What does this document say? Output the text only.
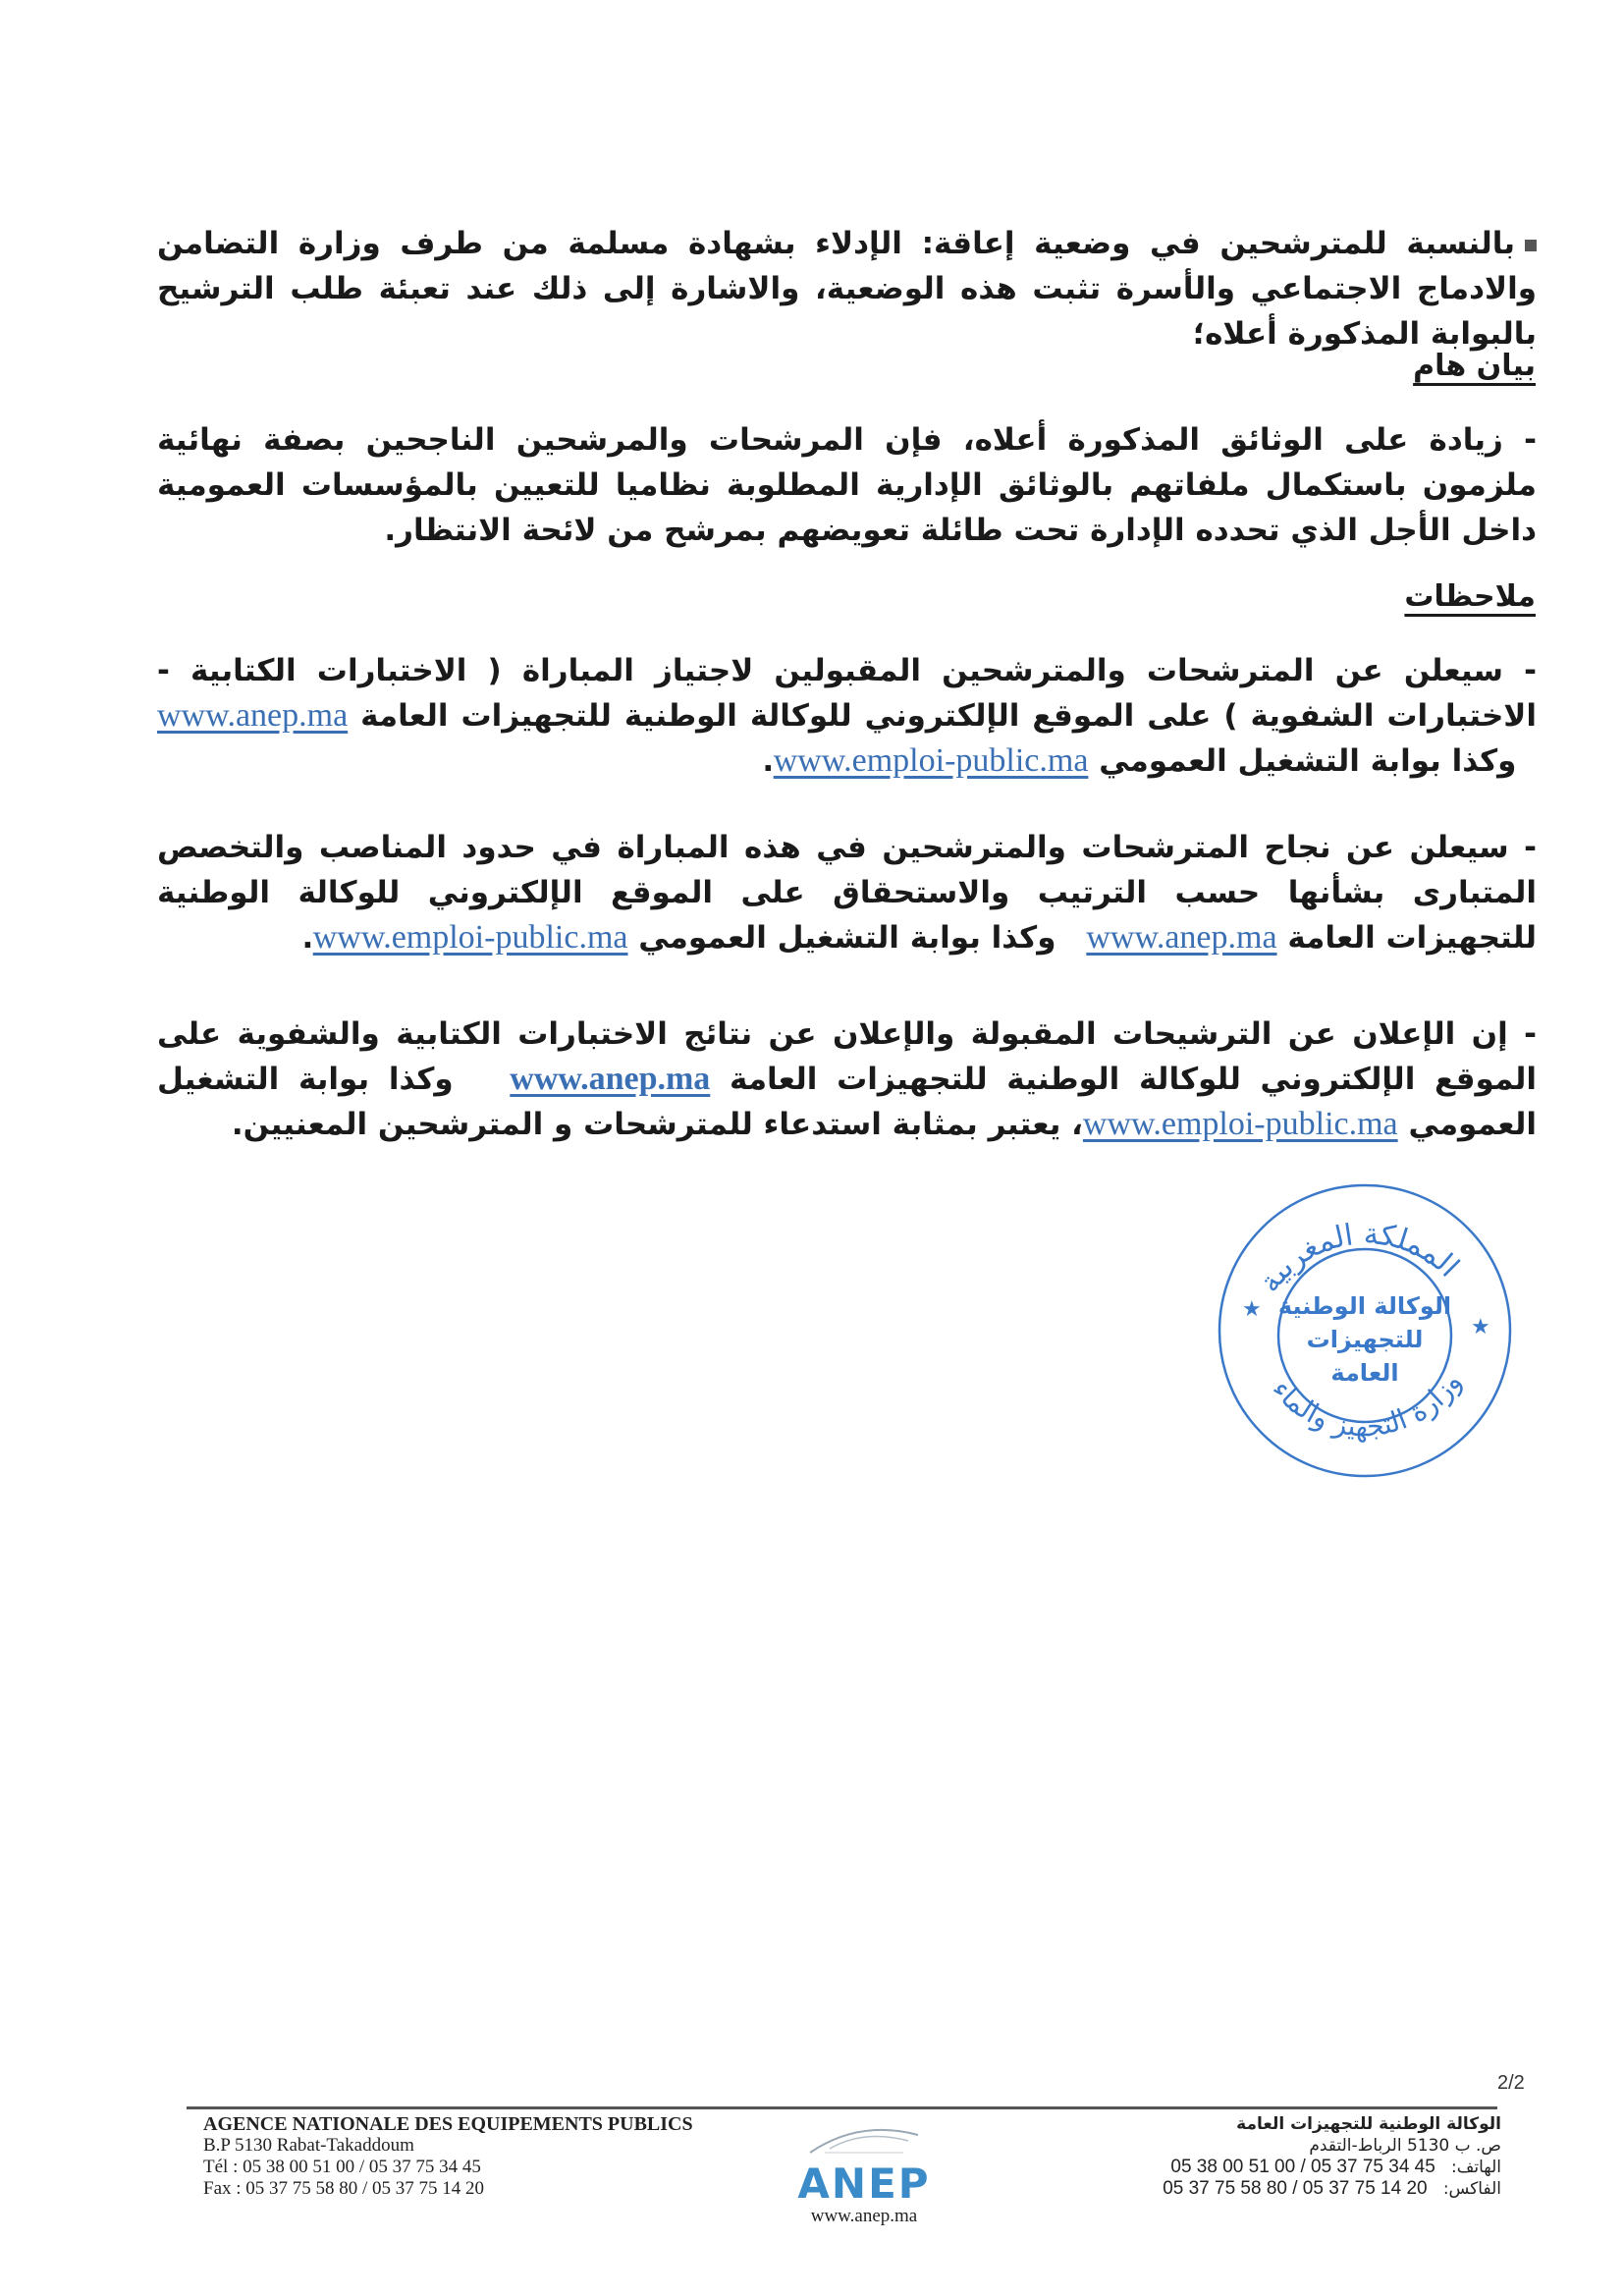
بالنسبة للمترشحين في وضعية إعاقة: الإدلاء بشهادة مسلمة من طرف وزارة التضامن والادماج الاجتماعي والأسرة تثبت هذه الوضعية، والاشارة إلى ذلك عند تعبئة طلب الترشيح بالبوابة المذكورة أعلاه؛
بيان هام
- زيادة على الوثائق المذكورة أعلاه، فإن المرشحات والمرشحين الناجحين بصفة نهائية ملزمون باستكمال ملفاتهم بالوثائق الإدارية المطلوبة نظاميا للتعيين بالمؤسسات العمومية داخل الأجل الذي تحدده الإدارة تحت طائلة تعويضهم بمرشح من لائحة الانتظار.
ملاحظات
- سيعلن عن المترشحات والمترشحين المقبولين لاجتياز المباراة ( الاختبارات الكتابية - الاختبارات الشفوية ) على الموقع الإلكتروني للوكالة الوطنية للتجهيزات العامة www.anep.ma   وكذا بوابة التشغيل العمومي www.emploi-public.ma.
- سيعلن عن نجاح المترشحات والمترشحين في هذه المباراة في حدود المناصب والتخصص المتبارى بشأنها حسب الترتيب والاستحقاق على الموقع الإلكتروني للوكالة الوطنية للتجهيزات العامة www.anep.ma   وكذا بوابة التشغيل العمومي www.emploi-public.ma.
- إن الإعلان عن الترشيحات المقبولة والإعلان عن نتائج الاختبارات الكتابية والشفوية على الموقع الإلكتروني للوكالة الوطنية للتجهيزات العامة www.anep.ma   وكذا بوابة التشغيل العمومي www.emploi-public.ma، يعتبر بمثابة استدعاء للمترشحات و المترشحين المعنيين.
المملكة المغربية
وزارة التجهيز والماء
★
★
الوكالة الوطنية
للتجهيزات
العامة
2/2
AGENCE NATIONALE DES EQUIPEMENTS PUBLICS
B.P 5130 Rabat-Takaddoum
Tél : 05 38 00 51 00 / 05 37 75 34 45
Fax : 05 37 75 58 80 / 05 37 75 14 20	ANEP
www.anep.ma
الوكالة الوطنية للتجهيزات العامة
ص. ب 5130 الرباط-التقدم
الهاتف:   05 38 00 51 00 / 05 37 75 34 45
الفاكس:   05 37 75 58 80 / 05 37 75 14 20
